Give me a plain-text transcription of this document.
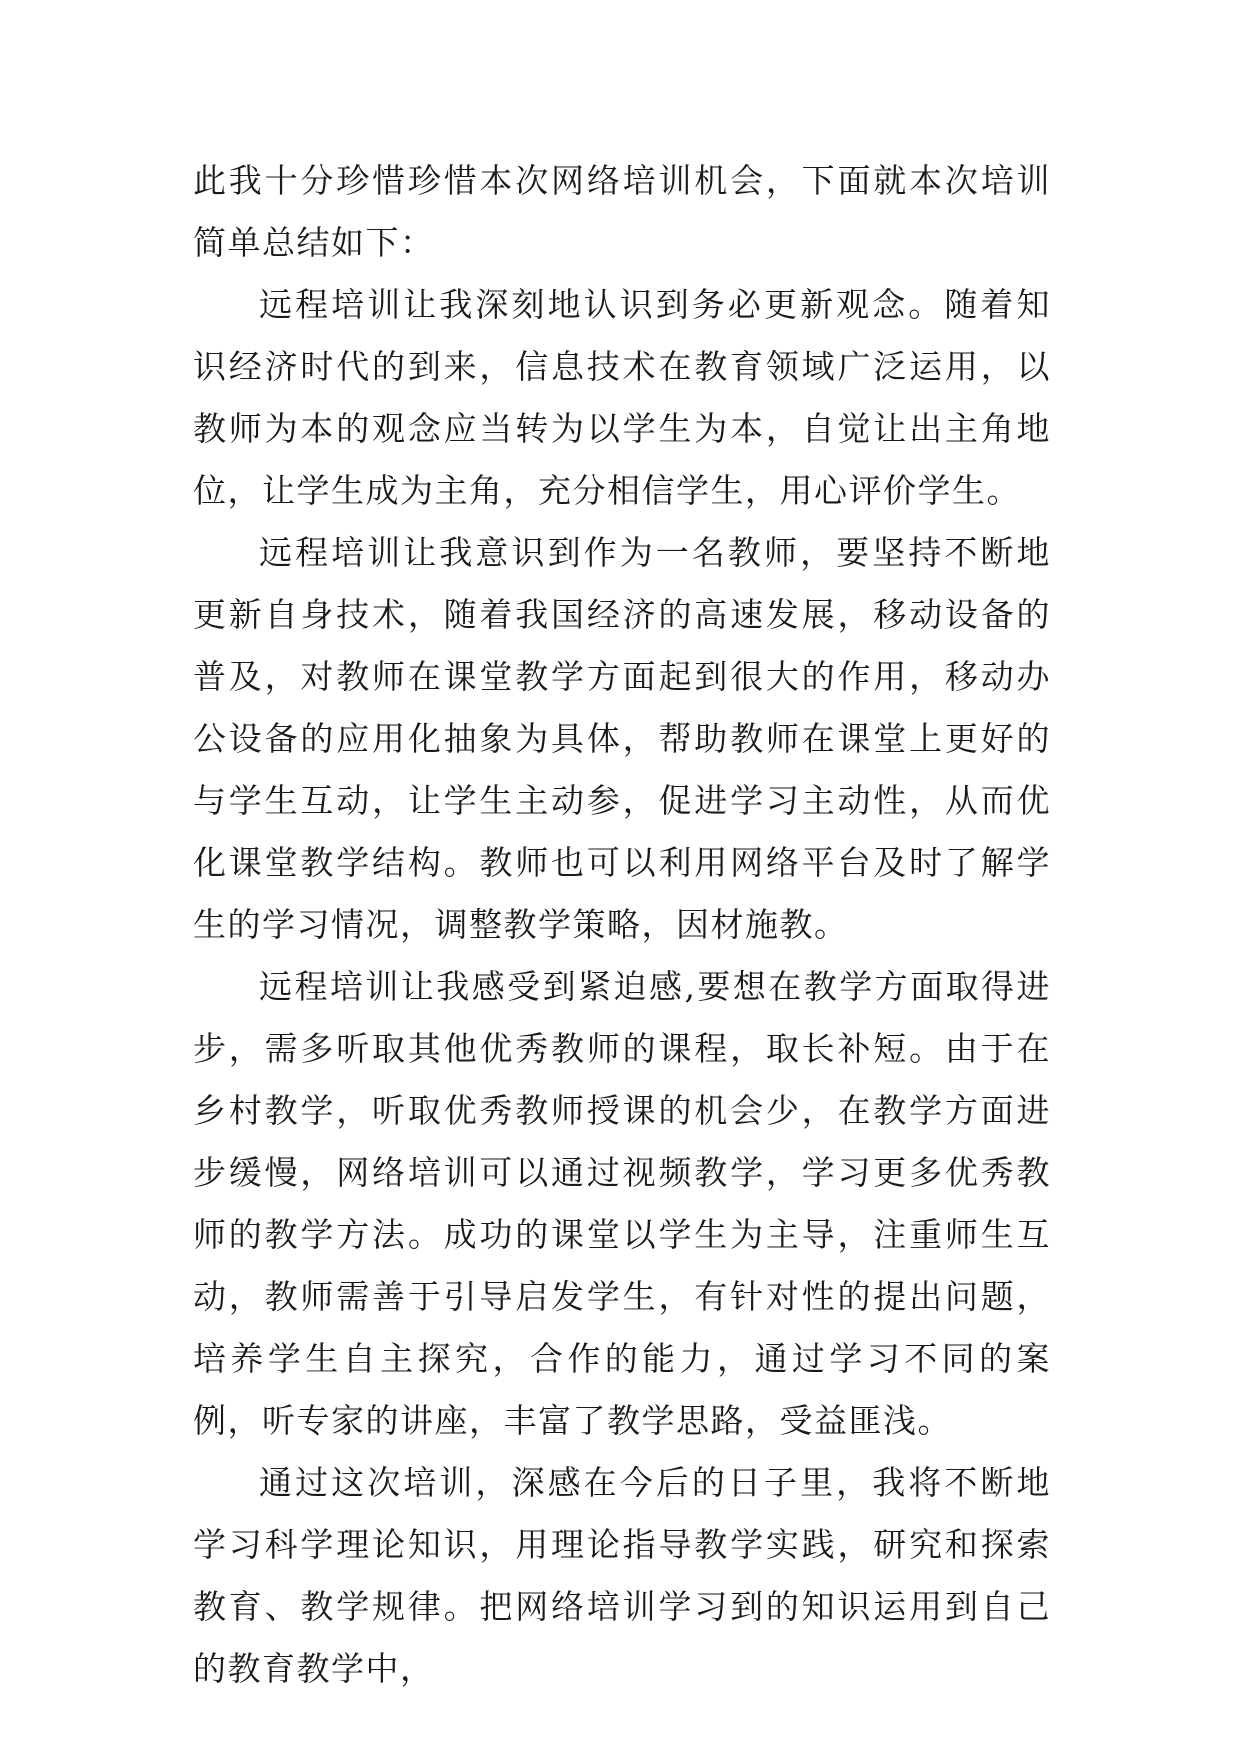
此我十分珍惜珍惜本次网络培训机会，下面就本次培训简单总结如下：

远程培训让我深刻地认识到务必更新观念。随着知识经济时代的到来，信息技术在教育领域广泛运用，以教师为本的观念应当转为以学生为本，自觉让出主角地位，让学生成为主角，充分相信学生，用心评价学生。

远程培训让我意识到作为一名教师，要坚持不断地更新自身技术，随着我国经济的高速发展，移动设备的普及，对教师在课堂教学方面起到很大的作用，移动办公设备的应用化抽象为具体，帮助教师在课堂上更好的与学生互动，让学生主动参，促进学习主动性，从而优化课堂教学结构。教师也可以利用网络平台及时了解学生的学习情况，调整教学策略，因材施教。

远程培训让我感受到紧迫感,要想在教学方面取得进步，需多听取其他优秀教师的课程，取长补短。由于在乡村教学，听取优秀教师授课的机会少，在教学方面进步缓慢，网络培训可以通过视频教学，学习更多优秀教师的教学方法。成功的课堂以学生为主导，注重师生互动，教师需善于引导启发学生，有针对性的提出问题，培养学生自主探究，合作的能力，通过学习不同的案例，听专家的讲座，丰富了教学思路，受益匪浅。

通过这次培训，深感在今后的日子里，我将不断地学习科学理论知识，用理论指导教学实践，研究和探索教育、教学规律。把网络培训学习到的知识运用到自己的教育教学中，
